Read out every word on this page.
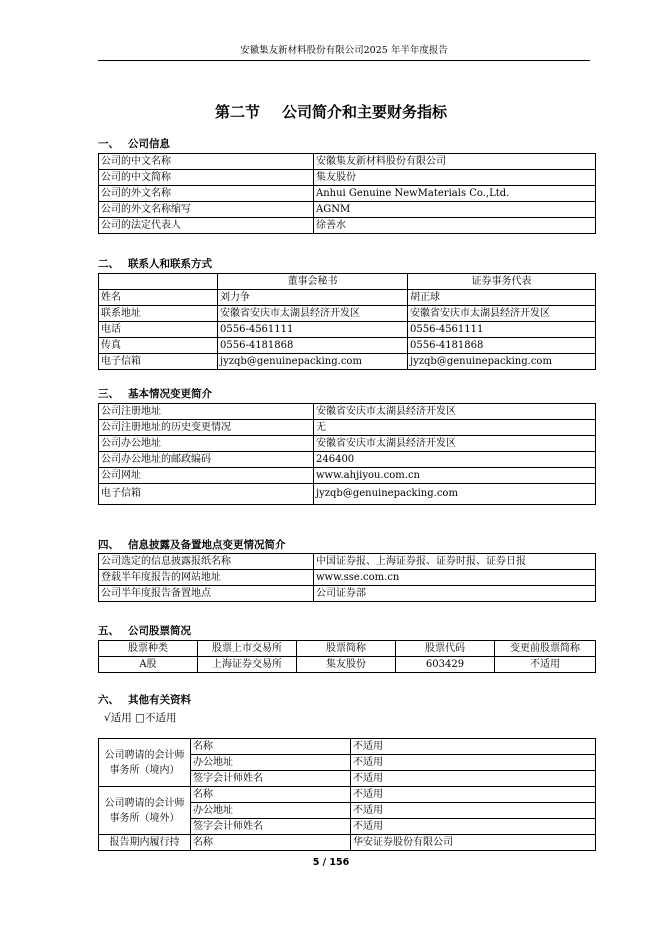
安徽集友新材料股份有限公司2025 年半年度报告
第二节 公司简介和主要财务指标
一、 公司信息
公司的中文名称	安徽集友新材料股份有限公司
公司的中文简称	集友股份
公司的外文名称	Anhui Genuine NewMaterials Co.,Ltd.
公司的外文名称缩写	AGNM
公司的法定代表人	徐善水
二、 联系人和联系方式
	董事会秘书	证券事务代表
姓名	刘力争	胡正球
联系地址	安徽省安庆市太湖县经济开发区	安徽省安庆市太湖县经济开发区
电话	0556-4561111	0556-4561111
传真	0556-4181868	0556-4181868
电子信箱	jyzqb@genuinepacking.com	jyzqb@genuinepacking.com
三、 基本情况变更简介
公司注册地址	安徽省安庆市太湖县经济开发区
公司注册地址的历史变更情况	无
公司办公地址	安徽省安庆市太湖县经济开发区
公司办公地址的邮政编码	246400
公司网址	www.ahjiyou.com.cn
电子信箱	jyzqb@genuinepacking.com
四、 信息披露及备置地点变更情况简介
公司选定的信息披露报纸名称	中国证券报、上海证券报、证券时报、证券日报
登载半年度报告的网站地址	www.sse.com.cn
公司半年度报告备置地点	公司证券部
五、 公司股票简况
股票种类	股票上市交易所	股票简称	股票代码	变更前股票简称
A股	上海证券交易所	集友股份	603429	不适用
六、 其他有关资料
√适用 □不适用
公司聘请的会计师事务所（境内）	名称	不适用
	办公地址	不适用
	签字会计师姓名	不适用
公司聘请的会计师事务所（境外）	名称	不适用
	办公地址	不适用
	签字会计师姓名	不适用
报告期内履行持	名称	华安证券股份有限公司
5 / 156
